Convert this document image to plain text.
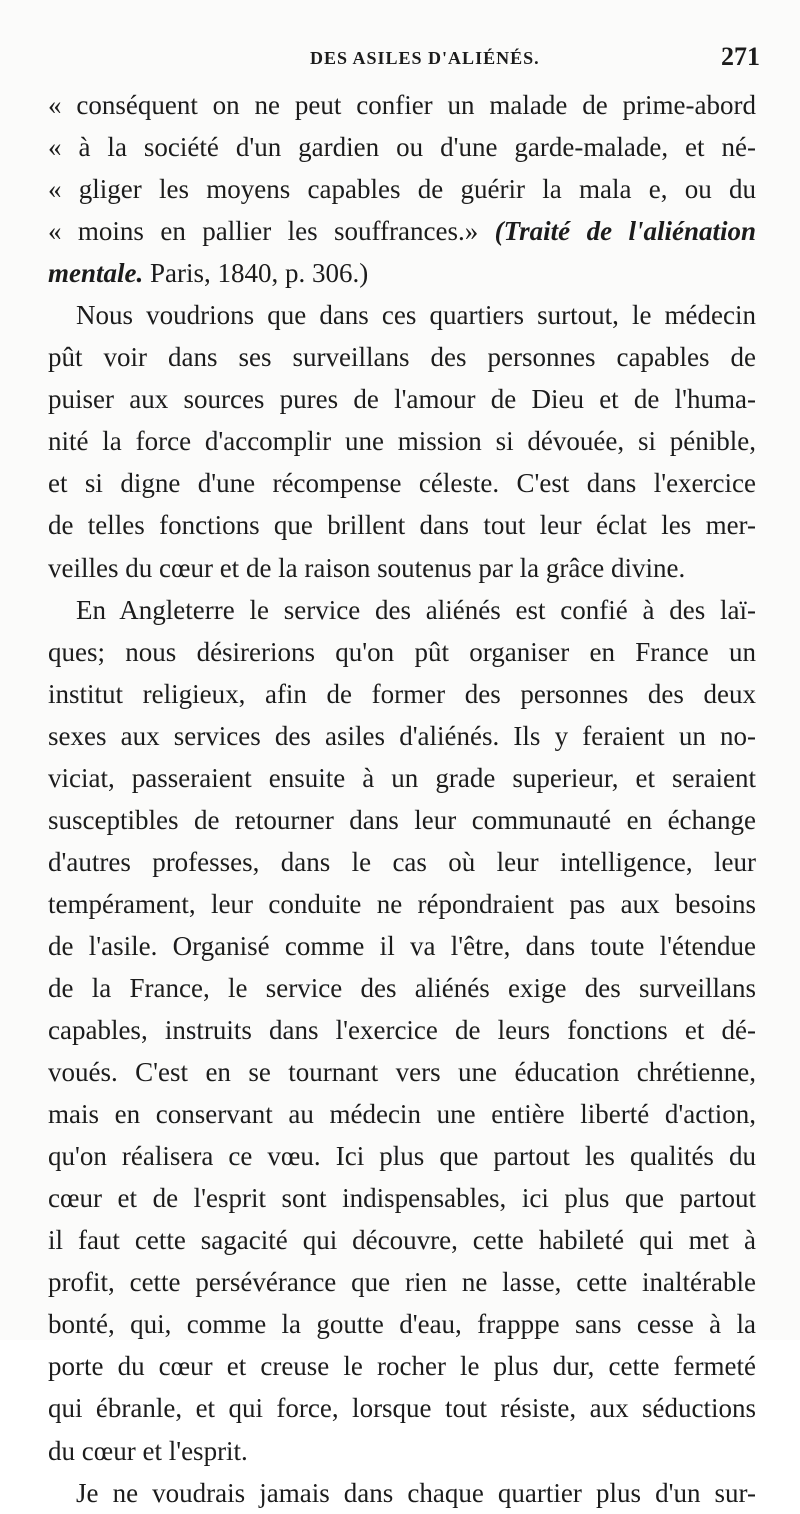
DES ASILES D'ALIÉNÉS.	271
« conséquent on ne peut confier un malade de prime-abord
« à la société d'un gardien ou d'une garde-malade, et né-
« gliger les moyens capables de guérir la mala e, ou du
« moins en pallier les souffrances.» (Traité de l'aliénation
mentale. Paris, 1840, p. 306.)
Nous voudrions que dans ces quartiers surtout, le médecin
pût voir dans ses surveillans des personnes capables de
puiser aux sources pures de l'amour de Dieu et de l'huma-
nité la force d'accomplir une mission si dévouée, si pénible,
et si digne d'une récompense céleste. C'est dans l'exercice
de telles fonctions que brillent dans tout leur éclat les mer-
veilles du cœur et de la raison soutenus par la grâce divine.
En Angleterre le service des aliénés est confié à des laï-
ques; nous désirerions qu'on pût organiser en France un
institut religieux, afin de former des personnes des deux
sexes aux services des asiles d'aliénés. Ils y feraient un no-
viciat, passeraient ensuite à un grade superieur, et seraient
susceptibles de retourner dans leur communauté en échange
d'autres professes, dans le cas où leur intelligence, leur
tempérament, leur conduite ne répondraient pas aux besoins
de l'asile. Organisé comme il va l'être, dans toute l'étendue
de la France, le service des aliénés exige des surveillans
capables, instruits dans l'exercice de leurs fonctions et dé-
voués. C'est en se tournant vers une éducation chrétienne,
mais en conservant au médecin une entière liberté d'action,
qu'on réalisera ce vœu. Ici plus que partout les qualités du
cœur et de l'esprit sont indispensables, ici plus que partout
il faut cette sagacité qui découvre, cette habileté qui met à
profit, cette persévérance que rien ne lasse, cette inaltérable
bonté, qui, comme la goutte d'eau, frapppe sans cesse à la
porte du cœur et creuse le rocher le plus dur, cette fermeté
qui ébranle, et qui force, lorsque tout résiste, aux séductions
du cœur et l'esprit.
Je ne voudrais jamais dans chaque quartier plus d'un sur-
